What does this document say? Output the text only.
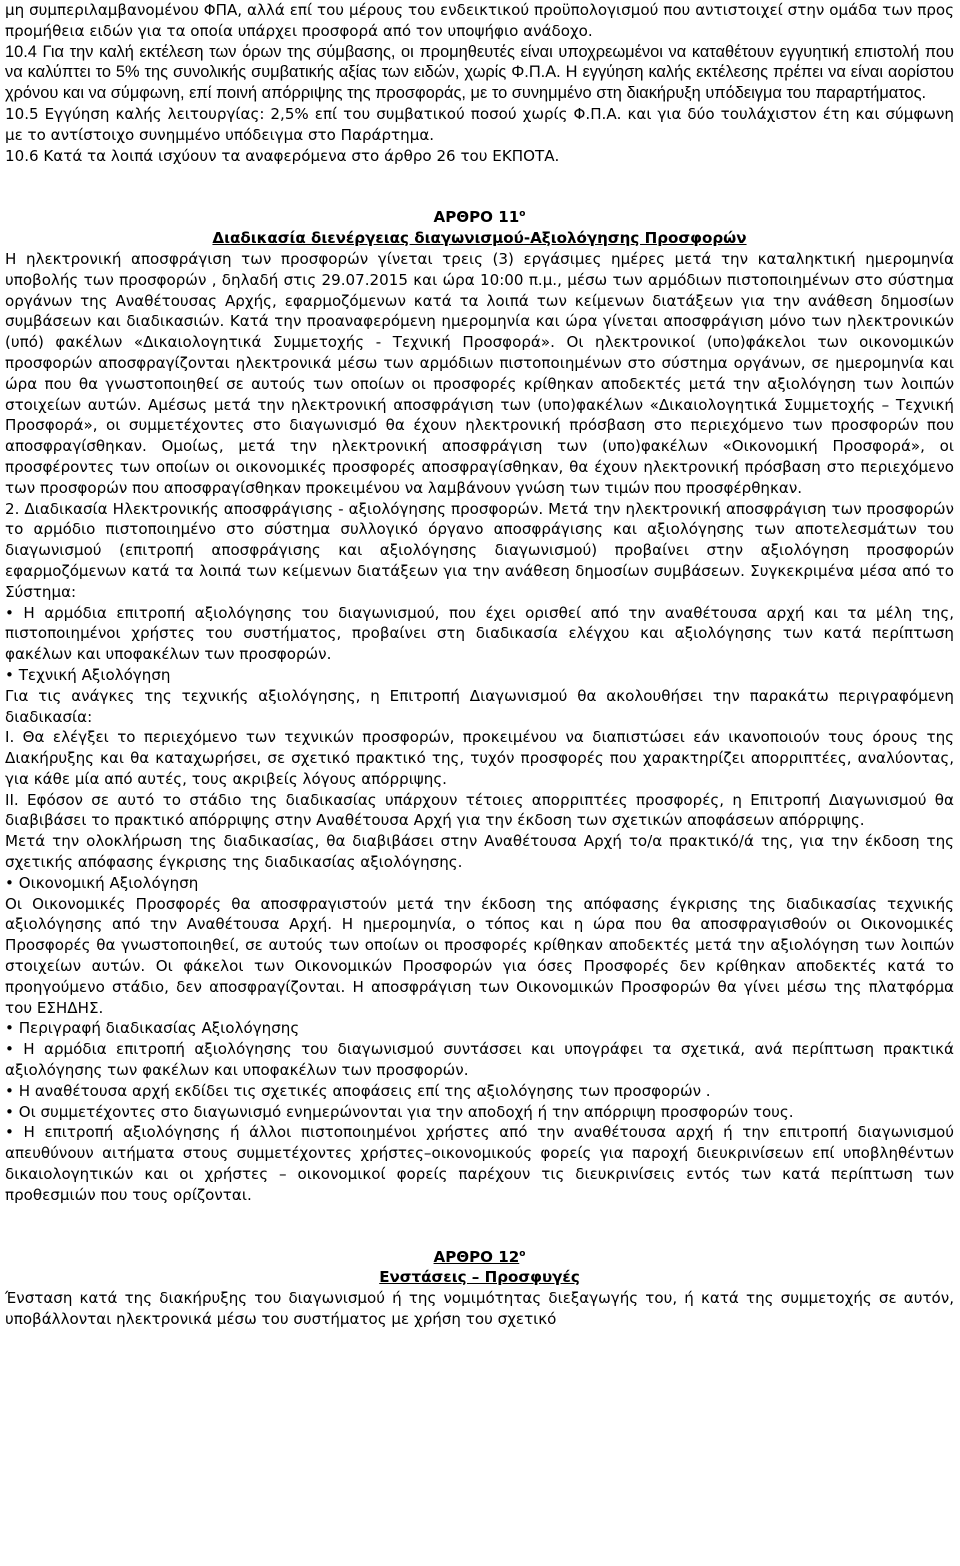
μη συμπεριλαμβανομένου ΦΠΑ, αλλά επί του μέρους του ενδεικτικού προϋπολογισμού που αντιστοιχεί στην ομάδα των προς προμήθεια ειδών για τα οποία υπάρχει προσφορά από τον υποψήφιο ανάδοχο.

10.4 Για την καλή εκτέλεση των όρων της σύμβασης, οι προμηθευτές είναι υποχρεωμένοι να καταθέτουν εγγυητική επιστολή που να καλύπτει το 5% της συνολικής συμβατικής αξίας των ειδών, χωρίς Φ.Π.Α. Η εγγύηση καλής εκτέλεσης πρέπει να είναι αορίστου χρόνου και να σύμφωνη, επί ποινή απόρριψης της προσφοράς, με το συνημμένο στη διακήρυξη υπόδειγμα του παραρτήματος.

10.5 Εγγύηση καλής λειτουργίας: 2,5% επί του συμβατικού ποσού χωρίς Φ.Π.Α. και για δύο τουλάχιστον έτη και σύμφωνη με το αντίστοιχο συνημμένο υπόδειγμα στο Παράρτημα.

10.6 Κατά τα λοιπά ισχύουν τα αναφερόμενα στο άρθρο 26 του ΕΚΠΟΤΑ.

ΑΡΘΡΟ $11^o$
Διαδικασία διενέργειας διαγωνισμού-Αξιολόγησης Προσφορών

Η ηλεκτρονική αποσφράγιση των προσφορών γίνεται τρεις (3) εργάσιμες ημέρες μετά την καταληκτική ημερομηνία υποβολής των προσφορών , δηλαδή στις 29.07.2015 και ώρα 10:00 π.μ., μέσω των αρμόδιων πιστοποιημένων στο σύστημα οργάνων της Αναθέτουσας Αρχής, εφαρμοζόμενων κατά τα λοιπά των κείμενων διατάξεων για την ανάθεση δημοσίων συμβάσεων και διαδικασιών. Κατά την προαναφερόμενη ημερομηνία και ώρα γίνεται αποσφράγιση μόνο των ηλεκτρονικών (υπό) φακέλων «Δικαιολογητικά Συμμετοχής - Τεχνική Προσφορά». Οι ηλεκτρονικοί (υπο)φάκελοι των οικονομικών προσφορών αποσφραγίζονται ηλεκτρονικά μέσω των αρμόδιων πιστοποιημένων στο σύστημα οργάνων, σε ημερομηνία και ώρα που θα γνωστοποιηθεί σε αυτούς των οποίων οι προσφορές κρίθηκαν αποδεκτές μετά την αξιολόγηση των λοιπών στοιχείων αυτών. Αμέσως μετά την ηλεκτρονική αποσφράγιση των (υπο)φακέλων «Δικαιολογητικά Συμμετοχής – Τεχνική Προσφορά», οι συμμετέχοντες στο διαγωνισμό θα έχουν ηλεκτρονική πρόσβαση στο περιεχόμενο των προσφορών που αποσφραγίσθηκαν. Ομοίως, μετά την ηλεκτρονική αποσφράγιση των (υπο)φακέλων «Οικονομική Προσφορά», οι προσφέροντες των οποίων οι οικονομικές προσφορές αποσφραγίσθηκαν, θα έχουν ηλεκτρονική πρόσβαση στο περιεχόμενο των προσφορών που αποσφραγίσθηκαν προκειμένου να λαμβάνουν γνώση των τιμών που προσφέρθηκαν.

2. Διαδικασία Ηλεκτρονικής αποσφράγισης - αξιολόγησης προσφορών. Μετά την ηλεκτρονική αποσφράγιση των προσφορών το αρμόδιο πιστοποιημένο στο σύστημα συλλογικό όργανο αποσφράγισης και αξιολόγησης των αποτελεσμάτων του διαγωνισμού (επιτροπή αποσφράγισης και αξιολόγησης διαγωνισμού) προβαίνει στην αξιολόγηση προσφορών εφαρμοζόμενων κατά τα λοιπά των κείμενων διατάξεων για την ανάθεση δημοσίων συμβάσεων. Συγκεκριμένα μέσα από το Σύστημα:

• Η αρμόδια επιτροπή αξιολόγησης του διαγωνισμού, που έχει ορισθεί από την αναθέτουσα αρχή και τα μέλη της, πιστοποιημένοι χρήστες του συστήματος, προβαίνει στη διαδικασία ελέγχου και αξιολόγησης των κατά περίπτωση φακέλων και υποφακέλων των προσφορών.

• Τεχνική Αξιολόγηση

Για τις ανάγκες της τεχνικής αξιολόγησης, η Επιτροπή Διαγωνισμού θα ακολουθήσει την παρακάτω περιγραφόμενη διαδικασία:

I. Θα ελέγξει το περιεχόμενο των τεχνικών προσφορών, προκειμένου να διαπιστώσει εάν ικανοποιούν τους όρους της Διακήρυξης και θα καταχωρήσει, σε σχετικό πρακτικό της, τυχόν προσφορές που χαρακτηρίζει απορριπτέες, αναλύοντας, για κάθε μία από αυτές, τους ακριβείς λόγους απόρριψης.

II. Εφόσον σε αυτό το στάδιο της διαδικασίας υπάρχουν τέτοιες απορριπτέες προσφορές, η Επιτροπή Διαγωνισμού θα διαβιβάσει το πρακτικό απόρριψης στην Αναθέτουσα Αρχή για την έκδοση των σχετικών αποφάσεων απόρριψης.

Μετά την ολοκλήρωση της διαδικασίας, θα διαβιβάσει στην Αναθέτουσα Αρχή το/α πρακτικό/ά της, για την έκδοση της σχετικής απόφασης έγκρισης της διαδικασίας αξιολόγησης.

• Οικονομική Αξιολόγηση

Οι Οικονομικές Προσφορές θα αποσφραγιστούν μετά την έκδοση της απόφασης έγκρισης της διαδικασίας τεχνικής αξιολόγησης από την Αναθέτουσα Αρχή. Η ημερομηνία, ο τόπος και η ώρα που θα αποσφραγισθούν οι Οικονομικές Προσφορές θα γνωστοποιηθεί, σε αυτούς των οποίων οι προσφορές κρίθηκαν αποδεκτές μετά την αξιολόγηση των λοιπών στοιχείων αυτών. Οι φάκελοι των Οικονομικών Προσφορών για όσες Προσφορές δεν κρίθηκαν αποδεκτές κατά το προηγούμενο στάδιο, δεν αποσφραγίζονται. Η αποσφράγιση των Οικονομικών Προσφορών θα γίνει μέσω της πλατφόρμα του ΕΣΗΔΗΣ.

• Περιγραφή διαδικασίας Αξιολόγησης

• Η αρμόδια επιτροπή αξιολόγησης του διαγωνισμού συντάσσει και υπογράφει τα σχετικά, ανά περίπτωση πρακτικά αξιολόγησης των φακέλων και υποφακέλων των προσφορών.

• Η αναθέτουσα αρχή εκδίδει τις σχετικές αποφάσεις επί της αξιολόγησης των προσφορών .

• Οι συμμετέχοντες στο διαγωνισμό ενημερώνονται για την αποδοχή ή την απόρριψη προσφορών τους.

• Η επιτροπή αξιολόγησης ή άλλοι πιστοποιημένοι χρήστες από την αναθέτουσα αρχή ή την επιτροπή διαγωνισμού απευθύνουν αιτήματα στους συμμετέχοντες χρήστες–οικονομικούς φορείς για παροχή διευκρινίσεων επί υποβληθέντων δικαιολογητικών και οι χρήστες – οικονομικοί φορείς παρέχουν τις διευκρινίσεις εντός των κατά περίπτωση των προθεσμιών που τους ορίζονται.

ΑΡΘΡΟ $12^o$
Ενστάσεις – Προσφυγές

Ένσταση κατά της διακήρυξης του διαγωνισμού ή της νομιμότητας διεξαγωγής του, ή κατά της συμμετοχής σε αυτόν, υποβάλλονται ηλεκτρονικά μέσω του συστήματος με χρήση του σχετικό
